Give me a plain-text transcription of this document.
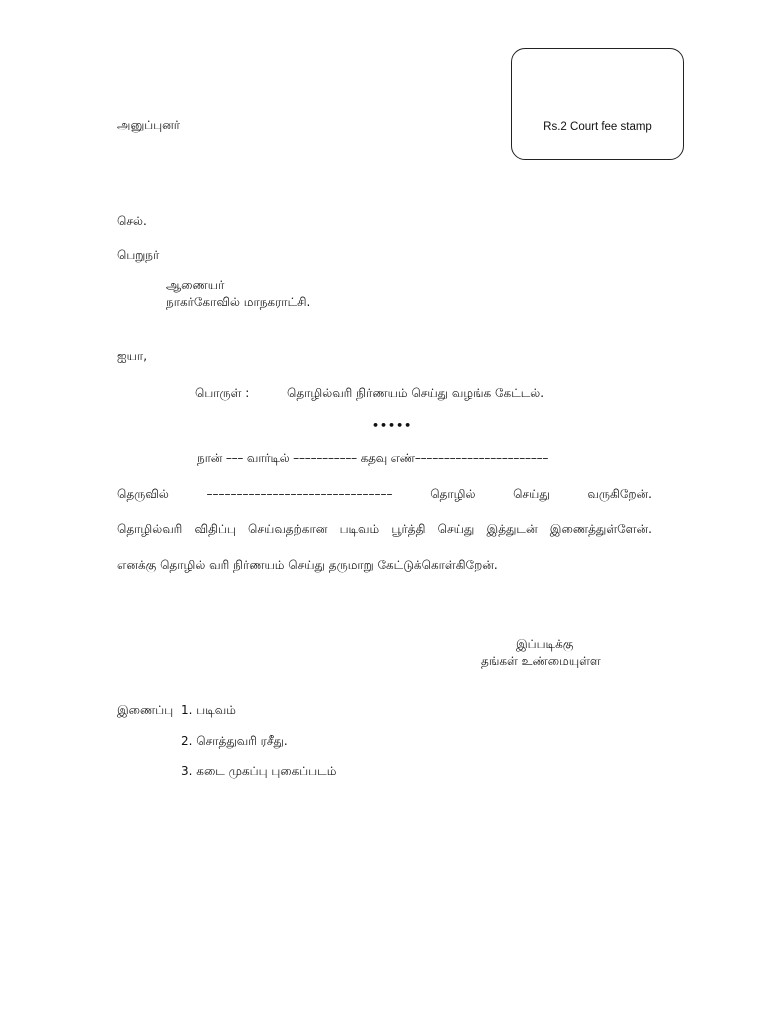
Rs.2 Court fee stamp
அனுப்புனர்
செல்.
பெறுநர்
ஆணையர்
நாகர்கோவில் மாநகராட்சி.
ஐயா,
பொருள் :	தொழில்வரி நிர்ணயம் செய்து வழங்க கேட்டல்.
•••••
நான் ––– வார்டில் ––––––––––– கதவு எண்–––––––––––––––––––––––
தெருவில்	–––––––––––––––––––––––––––––––	தொழில்	செய்து	வருகிறேன்.
தொழில்வரி விதிப்பு செய்வதற்கான படிவம் பூர்த்தி செய்து இத்துடன் இணைத்துள்ளேன்.
எனக்கு தொழில் வரி நிர்ணயம் செய்து தருமாறு கேட்டுக்கொள்கிறேன்.
இப்படிக்கு
தங்கள் உண்மையுள்ள
இணைப்பு 1. படிவம்
2. சொத்துவரி ரசீது.
3. கடை முகப்பு புகைப்படம்
